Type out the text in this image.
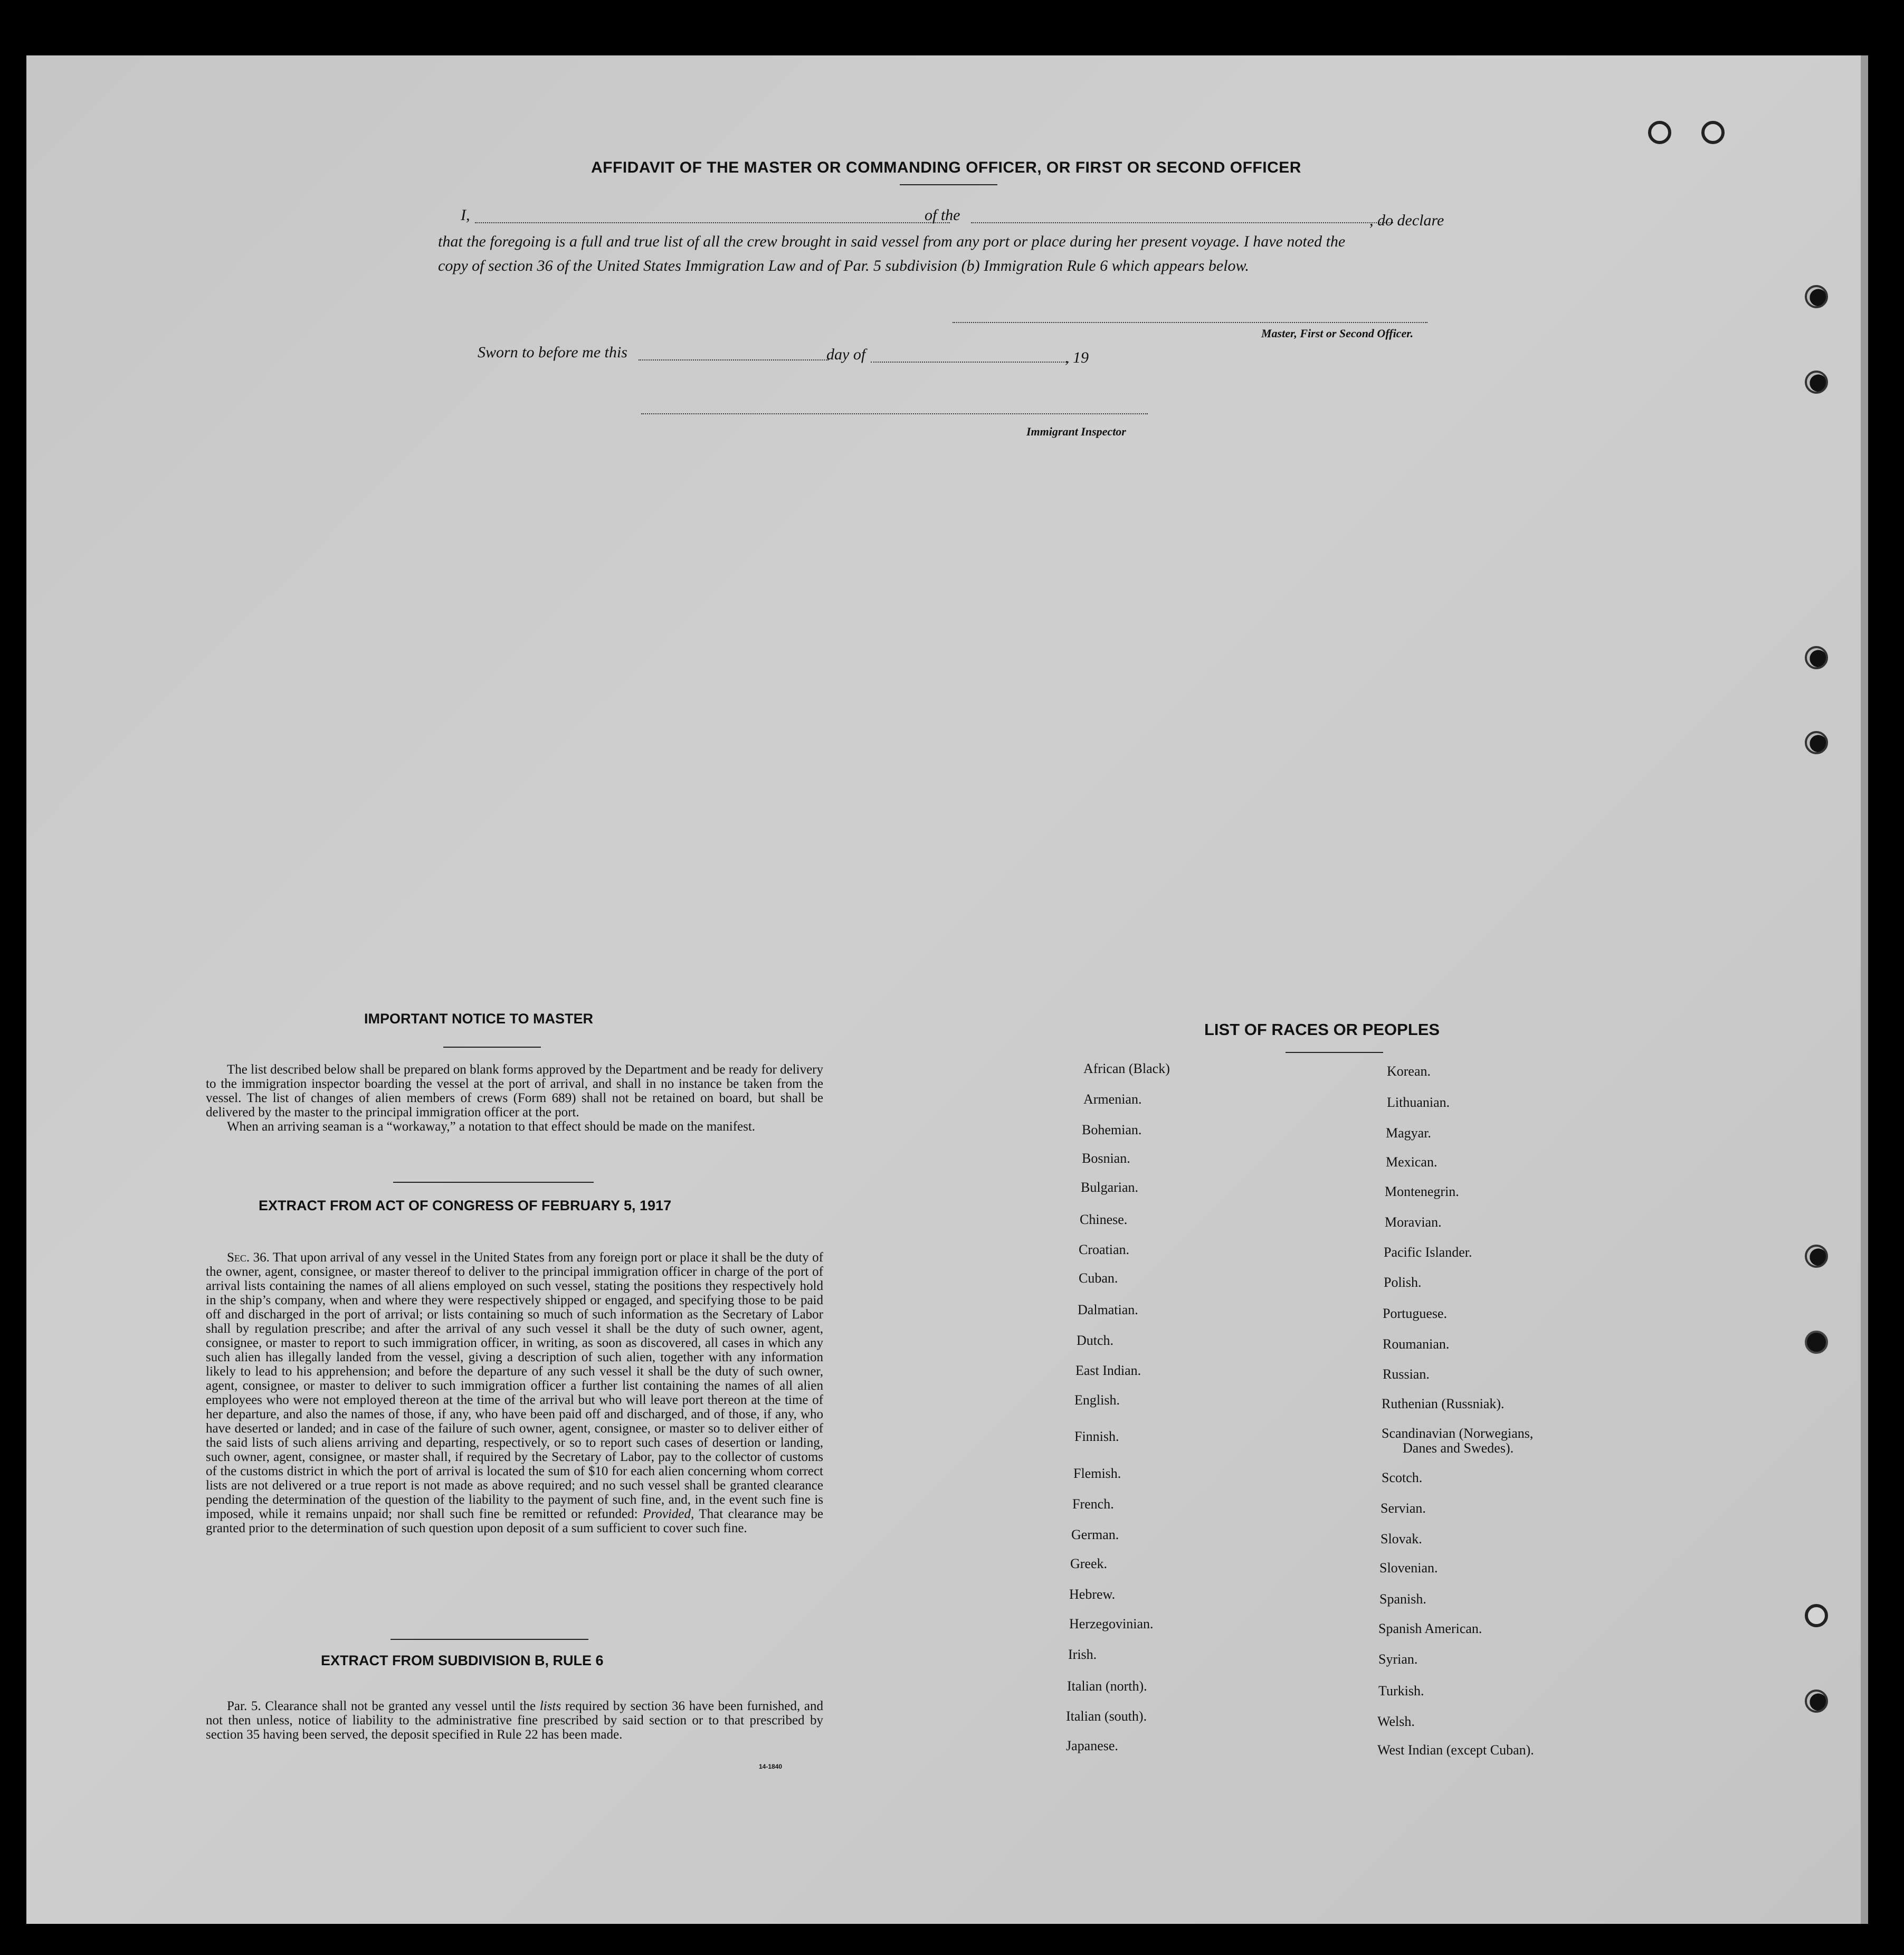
AFFIDAVIT OF THE MASTER OR COMMANDING OFFICER, OR FIRST OR SECOND OFFICER
I,	of the	, do declare
that the foregoing is a full and true list of all the crew brought in said vessel from any port or place during her present voyage. I have noted the
copy of section 36 of the United States Immigration Law and of Par. 5 subdivision (b) Immigration Rule 6 which appears below.
Master, First or Second Officer.
Sworn to before me this	day of	, 19
Immigrant Inspector
IMPORTANT NOTICE TO MASTER

The list described below shall be prepared on blank forms approved by the Department and be ready for delivery to the immigration inspector boarding the vessel at the port of arrival, and shall in no instance be taken from the vessel. The list of changes of alien members of crews (Form 689) shall not be retained on board, but shall be delivered by the master to the principal immigration officer at the port.

When an arriving seaman is a “workaway,” a notation to that effect should be made on the manifest.

EXTRACT FROM ACT OF CONGRESS OF FEBRUARY 5, 1917

Sec. 36. That upon arrival of any vessel in the United States from any foreign port or place it shall be the duty of the owner, agent, consignee, or master thereof to deliver to the principal immigration officer in charge of the port of arrival lists containing the names of all aliens employed on such vessel, stating the positions they respectively hold in the ship’s company, when and where they were respectively shipped or engaged, and specifying those to be paid off and discharged in the port of arrival; or lists containing so much of such information as the Secretary of Labor shall by regulation prescribe; and after the arrival of any such vessel it shall be the duty of such owner, agent, consignee, or master to report to such immigration officer, in writing, as soon as discovered, all cases in which any such alien has illegally landed from the vessel, giving a description of such alien, together with any information likely to lead to his apprehension; and before the departure of any such vessel it shall be the duty of such owner, agent, consignee, or master to deliver to such immigration officer a further list containing the names of all alien employees who were not employed thereon at the time of the arrival but who will leave port thereon at the time of her departure, and also the names of those, if any, who have been paid off and discharged, and of those, if any, who have deserted or landed; and in case of the failure of such owner, agent, consignee, or master so to deliver either of the said lists of such aliens arriving and departing, respectively, or so to report such cases of desertion or landing, such owner, agent, consignee, or master shall, if required by the Secretary of Labor, pay to the collector of customs of the customs district in which the port of arrival is located the sum of $10 for each alien concerning whom correct lists are not delivered or a true report is not made as above required; and no such vessel shall be granted clearance pending the determination of the question of the liability to the payment of such fine, and, in the event such fine is imposed, while it remains unpaid; nor shall such fine be remitted or refunded: Provided, That clearance may be granted prior to the determination of such question upon deposit of a sum sufficient to cover such fine.

EXTRACT FROM SUBDIVISION B, RULE 6

Par. 5. Clearance shall not be granted any vessel until the lists required by section 36 have been furnished, and not then unless, notice of liability to the administrative fine prescribed by said section or to that prescribed by section 35 having been served, the deposit specified in Rule 22 has been made.

14-1840
LIST OF RACES OR PEOPLES
African (Black)
Armenian.
Bohemian.
Bosnian.
Bulgarian.
Chinese.
Croatian.
Cuban.
Dalmatian.
Dutch.
East Indian.
English.
Finnish.
Flemish.
French.
German.
Greek.
Hebrew.
Herzegovinian.
Irish.
Italian (north).
Italian (south).
Japanese.
Korean.
Lithuanian.
Magyar.
Mexican.
Montenegrin.
Moravian.
Pacific Islander.
Polish.
Portuguese.
Roumanian.
Russian.
Ruthenian (Russniak).
Scandinavian (Norwegians,
Danes and Swedes).
Scotch.
Servian.
Slovak.
Slovenian.
Spanish.
Spanish American.
Syrian.
Turkish.
Welsh.
West Indian (except Cuban).
